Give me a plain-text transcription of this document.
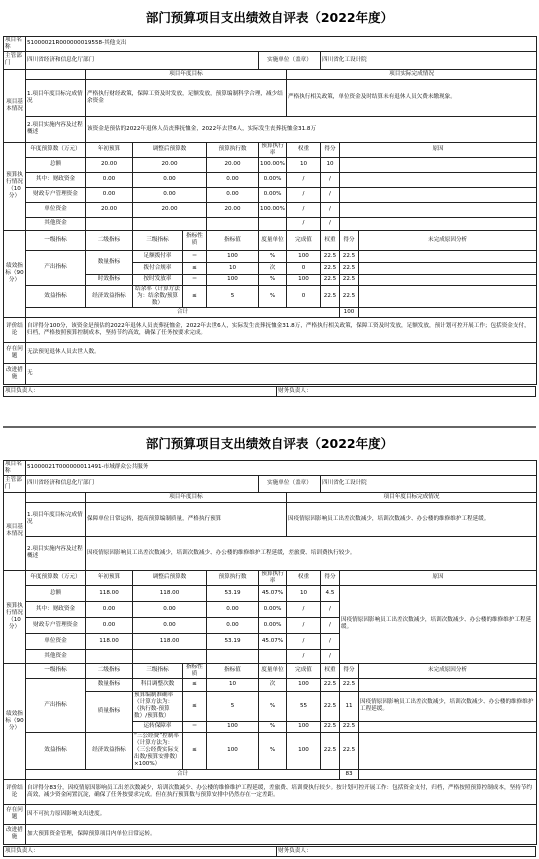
部门预算项目支出绩效自评表（2022年度）
项目名称	51000021R000000019558-其他支出									
主管部门	四川省经济和信息化厅部门					实施单位（盖章）		四川省化工设计院		
项目基本情况		项目年度目标					项目实际完成情况			
	1.项目年度目标完成情况	严格执行财经政策，保障工资及时发放，足额发放，预算编制科学合理，减少结余资金					严格执行相关政策，单位资金及时结算未有退休人员欠费未缴现象。			
	2.项目实施内容及过程概述	该资金是预估的2022年退休人员丧葬抚恤金，2022年去世6人，实际发生丧葬抚恤金31.8万								
预算执行情况（10分）	年度预算数（万元）	年初预算	调整后预算数		预算执行数	预算执行率	权重	得分	原因	
	总额	20.00	20.00		20.00	100.00%	10	10		
	其中：财政资金	0.00	0.00		0.00	0.00%	/	/		
	财政专户管理资金	0.00	0.00		0.00	0.00%	/	/		
	单位资金	20.00	20.00		20.00	100.00%	/	/		
	其他资金						/	/		
绩效指标（90分）	一级指标	二级指标	三级指标	指标性质	指标值	度量单位	完成值	权重	得分	未完成原因分析
	产出指标	数量指标	足额拨付率	＝	100	%	100	22.5	22.5	
			拨付合规率	≤	10	次	0	22.5	22.5	
		时效指标	按时发放率	＝	100	%	100	22.5	22.5	
	效益指标	经济效益指标	结余率（计算方法为：结余数/预算数）	≤	5	%	0	22.5	22.5	
	合计								100	
评价结论	自评得分100分，该资金是预估的2022年退休人员丧葬抚恤金，2022年去世6人，实际发生丧葬抚恤金31.8万，严格执行相关政策，保障工资及时发放，足额发放，预计划可控开展工作；包括资金支付，归档，严格按照预算控制成本，坚持节约高效，确保了任务按要求完成。									
存在问题	无法预见退休人员去世人数。									
改进措施	无									
项目负责人：	财务负责人：
部门预算项目支出绩效自评表（2022年度）
项目名称	51000021T000000011491-市域群众公共服务									
主管部门	四川省经济和信息化厅部门					实施单位（盖章）		四川省化工设计院		
项目基本情况		项目年度目标					项目年度目标完成情况			
	1.项目年度目标完成情况	保障单位日常运转，提高预算编制质量，严格执行预算					因疫情原因影响员工出差次数减少，培训次数减少、办公楼的维修维护工程延缓。			
	2.项目实施内容及过程概述	因疫情原因影响员工出差次数减少，培训次数减少、办公楼的维修维护工程延缓，差旅费、培训费执行较少。								
预算执行情况（10分）	年度预算数（万元）	年初预算	调整后预算数		预算执行数	预算执行率	权重	得分	原因	
	总额	118.00	118.00		53.19	45.07%	10	4.5	因疫情原因影响员工出差次数减少，培训次数减少、办公楼的维修维护工程延缓。	
	其中：财政资金	0.00	0.00		0.00	0.00%	/	/		
	财政专户管理资金	0.00	0.00		0.00	0.00%	/	/		
	单位资金	118.00	118.00		53.19	45.07%	/	/		
	其他资金						/	/		
绩效指标（90分）	一级指标	二级指标	三级指标	指标性质	指标值	度量单位	完成值	权重	得分	未完成原因分析
	产出指标	数量指标	科目调整次数	≤	10	次	100	22.5	22.5	
		质量指标	预算编制准确率（计算方法为：（执行数-预算数）/预算数）	≤	5	%	55	22.5	11	因疫情原因影响员工出差次数减少，培训次数减少、办公楼的维修维护工程延缓。
			运转保障率	＝	100	%	100	22.5	22.5	
	效益指标	经济效益指标	“三公经费”控制率（计算方法为：（三公经费实际支出数/预算安排数）×100%）	≤	100	%	100	22.5	22.5	
	合计								83	
评价结论	自评得分83分，因疫情原因影响员工出差次数减少，培训次数减少、办公楼的维修维护工程延缓，差旅费、培训费执行较少。按计划可控开展工作：包括资金支付，归档，严格按照预算控制成本，坚持节约高效，减少资金闲置沉淀，确保了任务按要求完成。但在执行预算数与预算安排中仍然存在一定差距。									
存在问题	因不可抗力原因影响支出进度。									
改进措施	加大预算资金管理，保障预算项目内单位日常运转。									
项目负责人：	财务负责人：
